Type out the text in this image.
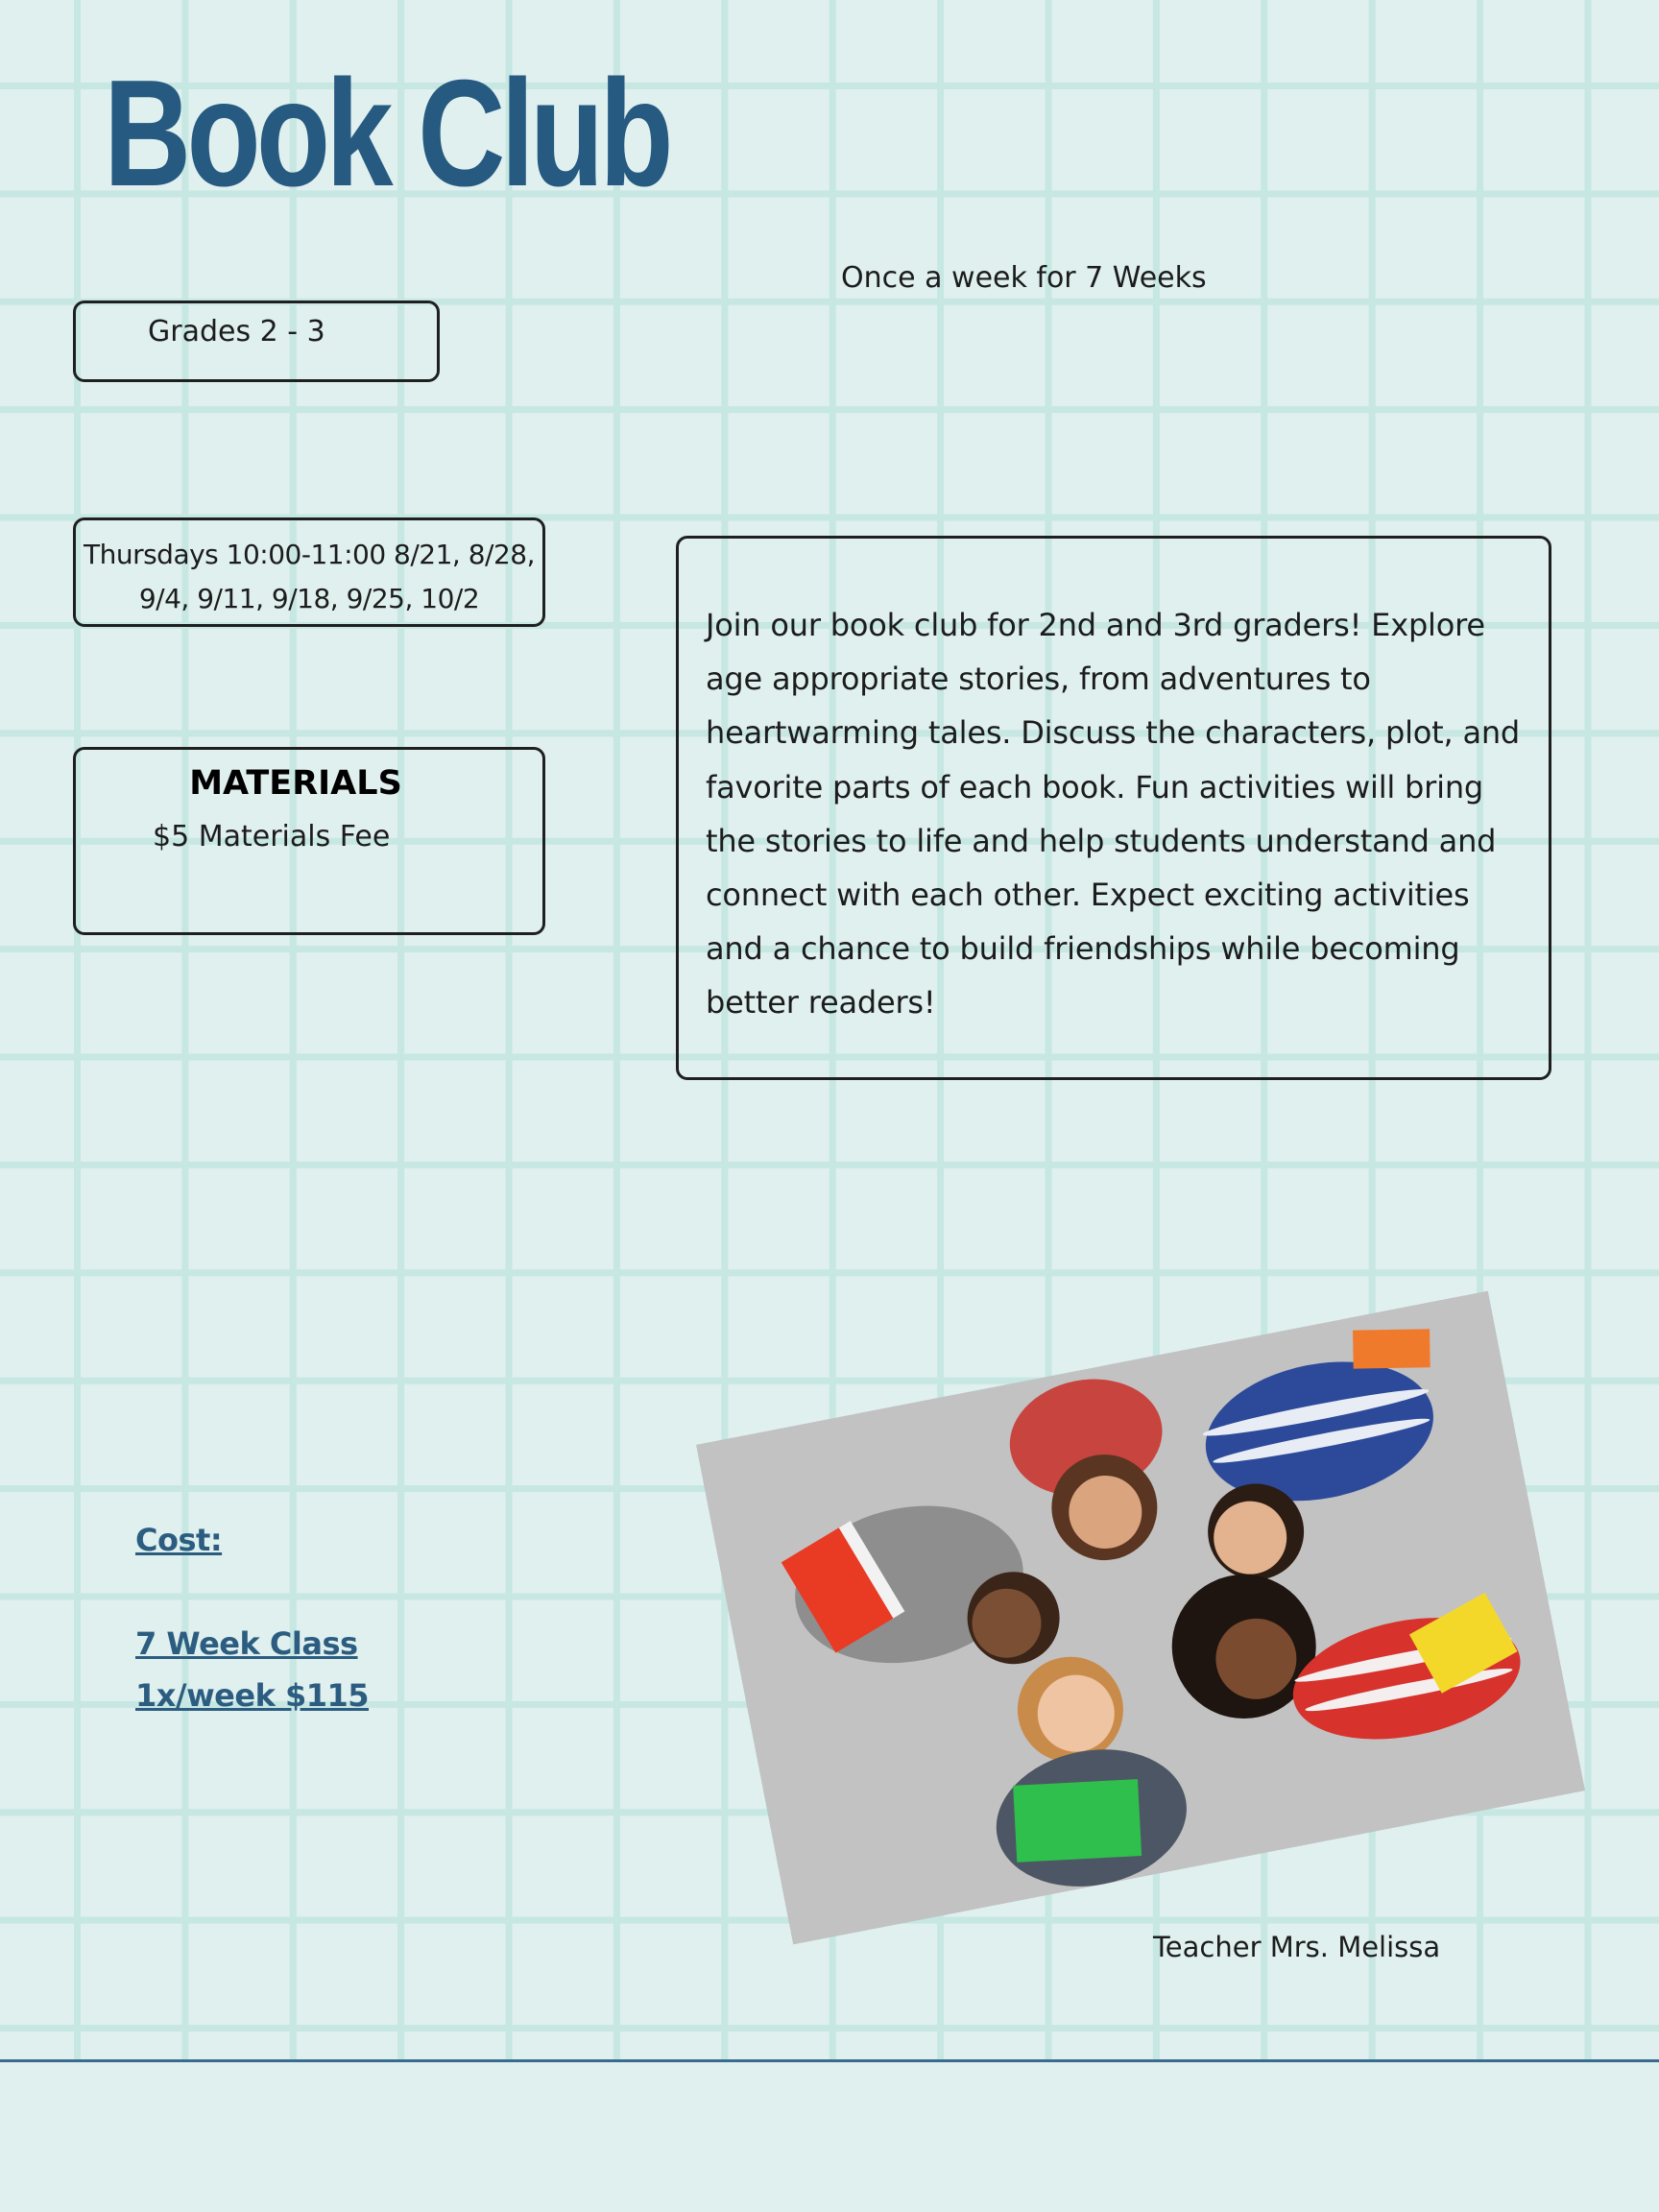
Book Club
Grades 2 - 3
Once a week for 7 Weeks
Thursdays 10:00-11:00 8/21, 8/28,
9/4, 9/11, 9/18, 9/25, 10/2
MATERIALS
$5 Materials Fee

Join our book club for 2nd and 3rd graders! Explore age appropriate stories, from adventures to heartwarming tales. Discuss the characters, plot, and favorite parts of each book. Fun activities will bring the stories to life and help students understand and connect with each other. Expect exciting activities and a chance to build friendships while becoming better readers!

Cost:
7 Week Class
1x/week $115
Teacher Mrs. Melissa
